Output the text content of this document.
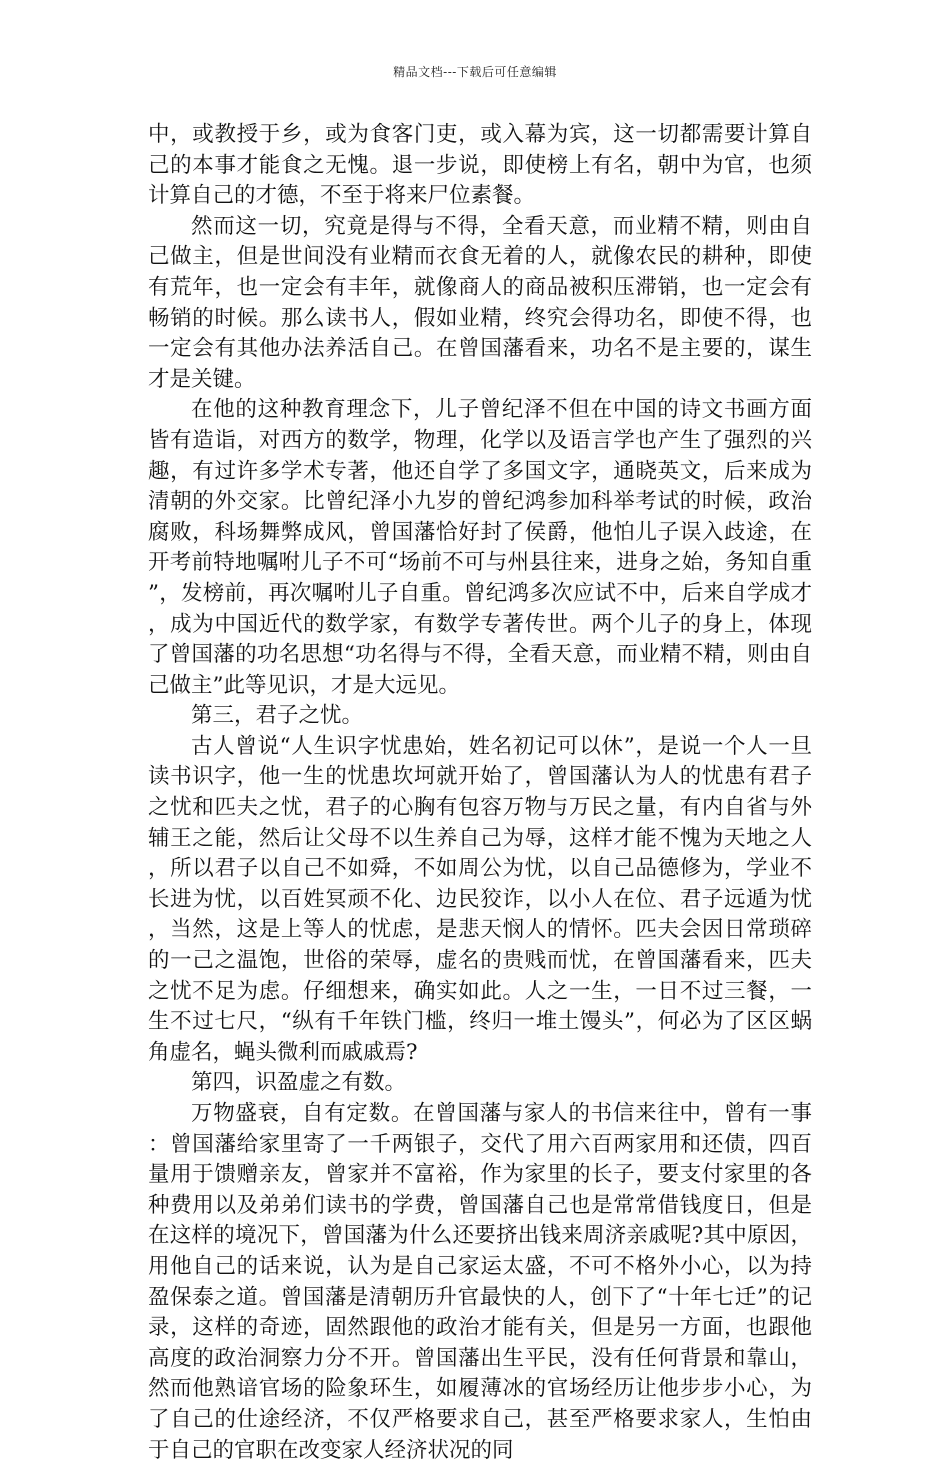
精品文档---下载后可任意编辑

中，或教授于乡，或为食客门吏，或入幕为宾，这一切都需要计算自己的本事才能食之无愧。退一步说，即使榜上有名，朝中为官，也须计算自己的才德，不至于将来尸位素餐。

然而这一切，究竟是得与不得，全看天意，而业精不精，则由自己做主，但是世间没有业精而衣食无着的人，就像农民的耕种，即使有荒年，也一定会有丰年，就像商人的商品被积压滞销，也一定会有畅销的时候。那么读书人，假如业精，终究会得功名，即使不得，也一定会有其他办法养活自己。在曾国藩看来，功名不是主要的，谋生才是关键。

在他的这种教育理念下，儿子曾纪泽不但在中国的诗文书画方面皆有造诣，对西方的数学，物理，化学以及语言学也产生了强烈的兴趣，有过许多学术专著，他还自学了多国文字，通晓英文，后来成为清朝的外交家。比曾纪泽小九岁的曾纪鸿参加科举考试的时候，政治腐败，科场舞弊成风，曾国藩恰好封了侯爵，他怕儿子误入歧途，在开考前特地嘱咐儿子不可“场前不可与州县往来，进身之始，务知自重”，发榜前，再次嘱咐儿子自重。曾纪鸿多次应试不中，后来自学成才，成为中国近代的数学家，有数学专著传世。两个儿子的身上，体现了曾国藩的功名思想“功名得与不得，全看天意，而业精不精，则由自己做主”此等见识，才是大远见。

第三，君子之忧。

古人曾说“人生识字忧患始，姓名初记可以休”，是说一个人一旦读书识字，他一生的忧患坎坷就开始了，曾国藩认为人的忧患有君子之忧和匹夫之忧，君子的心胸有包容万物与万民之量，有内自省与外辅王之能，然后让父母不以生养自己为辱，这样才能不愧为天地之人，所以君子以自己不如舜，不如周公为忧，以自己品德修为，学业不长进为忧，以百姓冥顽不化、边民狡诈，以小人在位、君子远遁为忧，当然，这是上等人的忧虑，是悲天悯人的情怀。匹夫会因日常琐碎的一己之温饱，世俗的荣辱，虚名的贵贱而忧，在曾国藩看来，匹夫之忧不足为虑。仔细想来，确实如此。人之一生，一日不过三餐，一生不过七尺，“纵有千年铁门槛，终归一堆土馒头”，何必为了区区蜗角虚名，蝇头微利而戚戚焉?

第四，识盈虚之有数。

万物盛衰，自有定数。在曾国藩与家人的书信来往中，曾有一事：曾国藩给家里寄了一千两银子，交代了用六百两家用和还债，四百量用于馈赠亲友，曾家并不富裕，作为家里的长子，要支付家里的各种费用以及弟弟们读书的学费，曾国藩自己也是常常借钱度日，但是在这样的境况下，曾国藩为什么还要挤出钱来周济亲戚呢?其中原因，用他自己的话来说，认为是自己家运太盛，不可不格外小心，以为持盈保泰之道。曾国藩是清朝历升官最快的人，创下了“十年七迁”的记录，这样的奇迹，固然跟他的政治才能有关，但是另一方面，也跟他高度的政治洞察力分不开。曾国藩出生平民，没有任何背景和靠山，然而他熟谙官场的险象环生，如履薄冰的官场经历让他步步小心，为了自己的仕途经济，不仅严格要求自己，甚至严格要求家人，生怕由于自己的官职在改变家人经济状况的同
